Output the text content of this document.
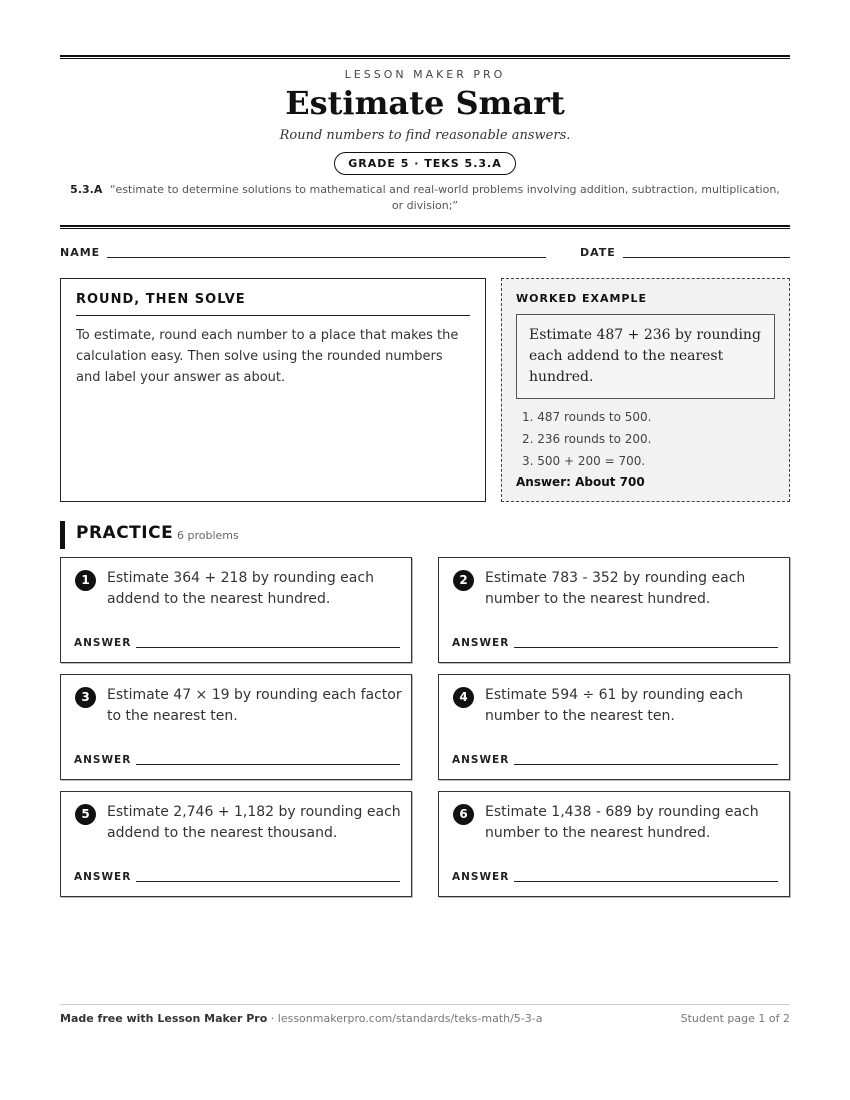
LESSON MAKER PRO
Estimate Smart
Round numbers to find reasonable answers.
GRADE 5 · TEKS 5.3.A
5.3.A “estimate to determine solutions to mathematical and real-world problems involving addition, subtraction, multiplication, or division;”
NAME	DATE
ROUND, THEN SOLVE
To estimate, round each number to a place that makes the calculation easy. Then solve using the rounded numbers and label your answer as about.
WORKED EXAMPLE
Estimate 487 + 236 by rounding each addend to the nearest hundred.
1. 487 rounds to 500.
2. 236 rounds to 200.
3. 500 + 200 = 700.
Answer: About 700
PRACTICE 6 problems
1	Estimate 364 + 218 by rounding each addend to the nearest hundred.
ANSWER
2	Estimate 783 - 352 by rounding each number to the nearest hundred.
ANSWER
3	Estimate 47 × 19 by rounding each factor to the nearest ten.
ANSWER
4	Estimate 594 ÷ 61 by rounding each number to the nearest ten.
ANSWER
5	Estimate 2,746 + 1,182 by rounding each addend to the nearest thousand.
ANSWER
6	Estimate 1,438 - 689 by rounding each number to the nearest hundred.
ANSWER
Made free with Lesson Maker Pro · lessonmakerpro.com/standards/teks-math/5-3-a	Student page 1 of 2
